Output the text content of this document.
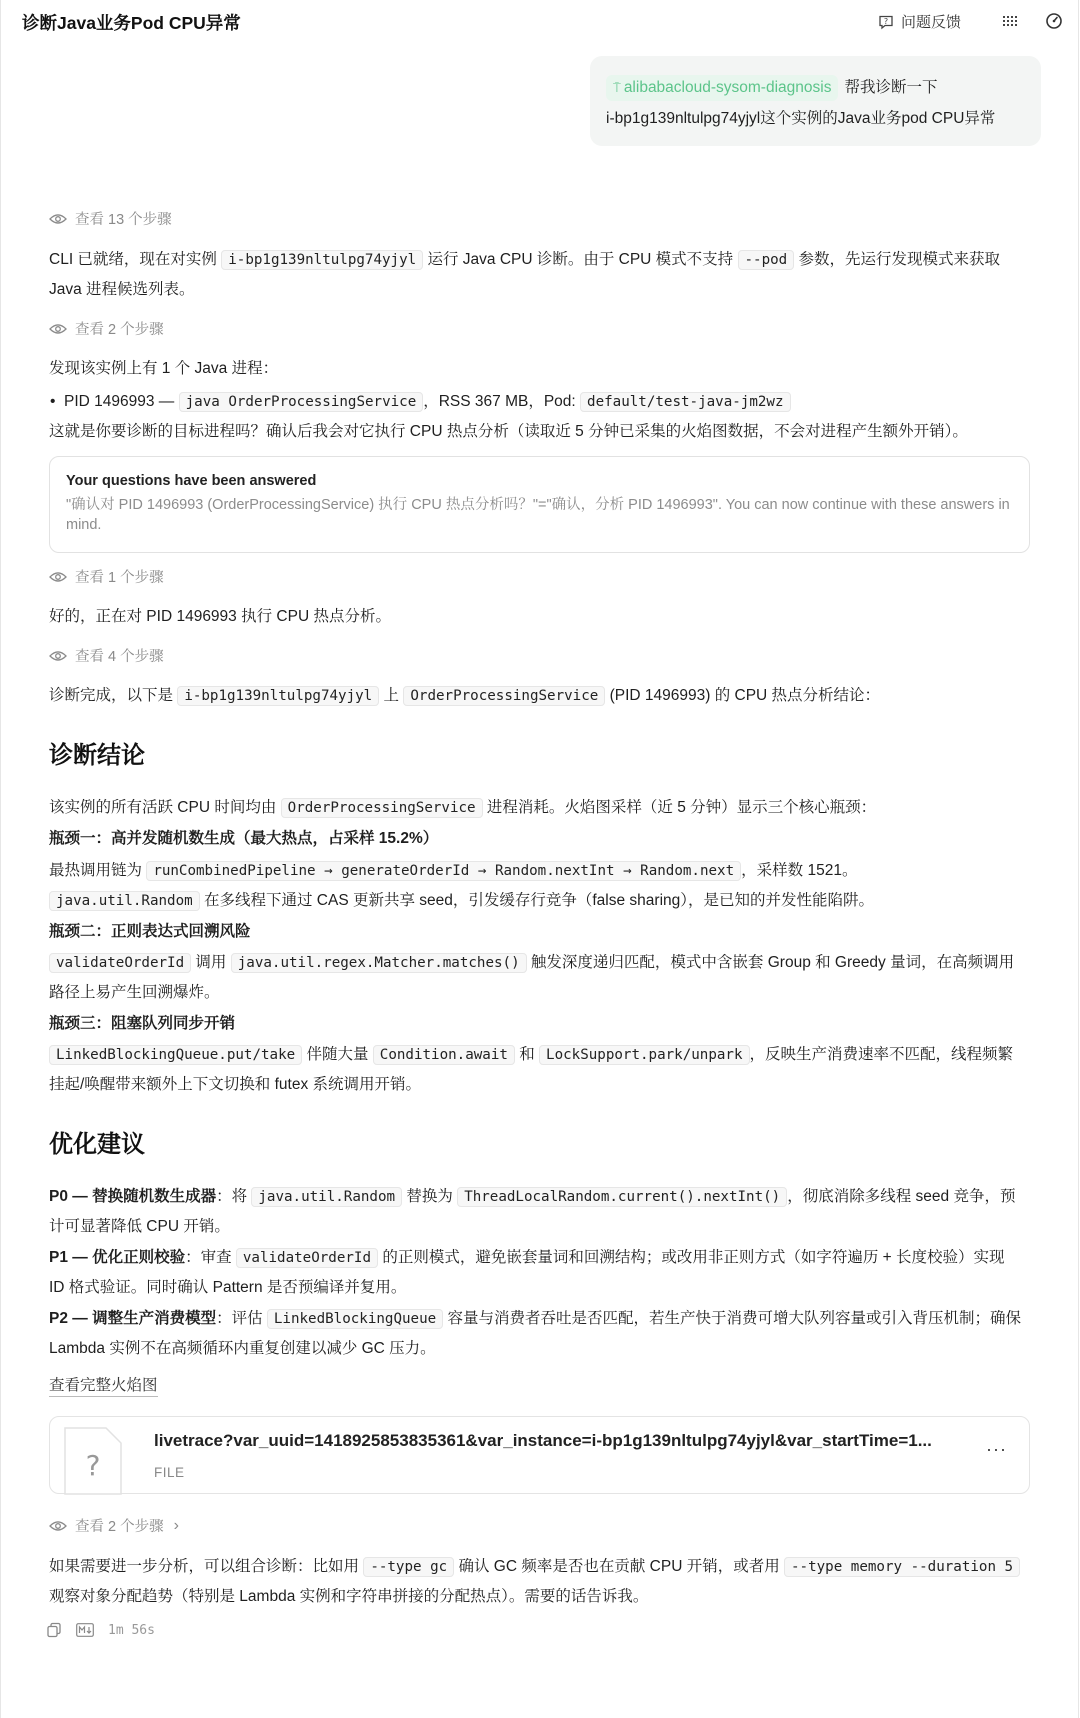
诊断Java业务Pod CPU异常	? 问题反馈
⍑ alibabacloud-sysom-diagnosis 帮我诊断一下
i-bp1g139nltulpg74yjyl这个实例的Java业务pod CPU异常
查看 13 个步骤
CLI 已就绪，现在对实例 i-bp1g139nltulpg74yjyl 运行 Java CPU 诊断。由于 CPU 模式不支持 --pod 参数，先运行发现模式来获取 Java 进程候选列表。
查看 2 个步骤
发现该实例上有 1 个 Java 进程：
• PID 1496993 — java OrderProcessingService ，RSS 367 MB，Pod: default/test-java-jm2wz
这就是你要诊断的目标进程吗？确认后我会对它执行 CPU 热点分析（读取近 5 分钟已采集的火焰图数据，不会对进程产生额外开销）。
Your questions have been answered
"确认对 PID 1496993 (OrderProcessingService) 执行 CPU 热点分析吗？"="确认，分析 PID 1496993". You can now continue with these answers in mind.
查看 1 个步骤
好的，正在对 PID 1496993 执行 CPU 热点分析。
查看 4 个步骤
诊断完成，以下是 i-bp1g139nltulpg74yjyl 上 OrderProcessingService (PID 1496993) 的 CPU 热点分析结论：
诊断结论
该实例的所有活跃 CPU 时间均由 OrderProcessingService 进程消耗。火焰图采样（近 5 分钟）显示三个核心瓶颈：
瓶颈一：高并发随机数生成（最大热点，占采样 15.2%）
最热调用链为 runCombinedPipeline → generateOrderId → Random.nextInt → Random.next ，采样数 1521。
java.util.Random 在多线程下通过 CAS 更新共享 seed，引发缓存行竞争（false sharing），是已知的并发性能陷阱。
瓶颈二：正则表达式回溯风险
validateOrderId 调用 java.util.regex.Matcher.matches() 触发深度递归匹配，模式中含嵌套 Group 和 Greedy 量词，在高频调用路径上易产生回溯爆炸。
瓶颈三：阻塞队列同步开销
LinkedBlockingQueue.put/take 伴随大量 Condition.await 和 LockSupport.park/unpark ，反映生产消费速率不匹配，线程频繁挂起/唤醒带来额外上下文切换和 futex 系统调用开销。
优化建议
P0 — 替换随机数生成器：将 java.util.Random 替换为 ThreadLocalRandom.current().nextInt() ，彻底消除多线程 seed 竞争，预计可显著降低 CPU 开销。
P1 — 优化正则校验：审查 validateOrderId 的正则模式，避免嵌套量词和回溯结构；或改用非正则方式（如字符遍历 + 长度校验）实现 ID 格式验证。同时确认 Pattern 是否预编译并复用。
P2 — 调整生产消费模型：评估 LinkedBlockingQueue 容量与消费者吞吐是否匹配，若生产快于消费可增大队列容量或引入背压机制；确保 Lambda 实例不在高频循环内重复创建以减少 GC 压力。
查看完整火焰图
?
livetrace?var_uuid=1418925853835361&var_instance=i-bp1g139nltulpg74yjyl&var_startTime=1...
FILE
···
查看 2 个步骤 ›
如果需要进一步分析，可以组合诊断：比如用 --type gc 确认 GC 频率是否也在贡献 CPU 开销，或者用 --type memory --duration 5 观察对象分配趋势（特别是 Lambda 实例和字符串拼接的分配热点）。需要的话告诉我。
1m 56s
